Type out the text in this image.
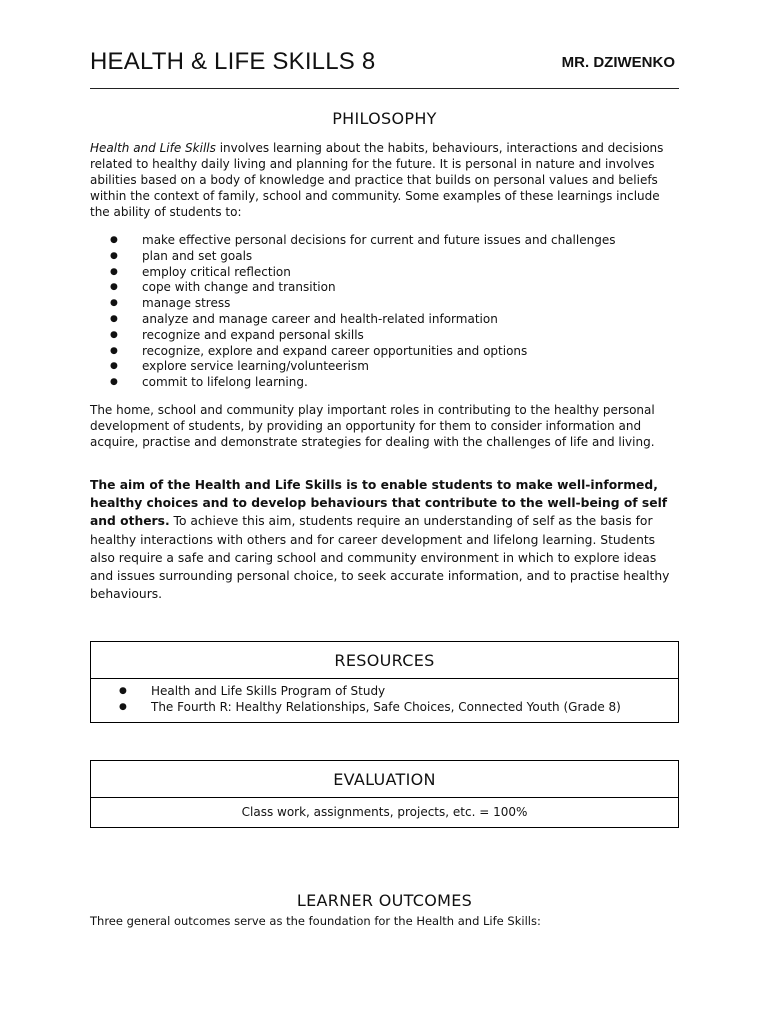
HEALTH & LIFE SKILLS 8	MR. DZIWENKO
PHILOSOPHY

Health and Life Skills involves learning about the habits, behaviours, interactions and decisions related to healthy daily living and planning for the future. It is personal in nature and involves abilities based on a body of knowledge and practice that builds on personal values and beliefs within the context of family, school and community. Some examples of these learnings include the ability of students to:

● make effective personal decisions for current and future issues and challenges
● plan and set goals
● employ critical reflection
● cope with change and transition
● manage stress
● analyze and manage career and health-related information
● recognize and expand personal skills
● recognize, explore and expand career opportunities and options
● explore service learning/volunteerism
● commit to lifelong learning.

The home, school and community play important roles in contributing to the healthy personal development of students, by providing an opportunity for them to consider information and acquire, practise and demonstrate strategies for dealing with the challenges of life and living.

The aim of the Health and Life Skills is to enable students to make well-informed, healthy choices and to develop behaviours that contribute to the well-being of self and others. To achieve this aim, students require an understanding of self as the basis for healthy interactions with others and for career development and lifelong learning. Students also require a safe and caring school and community environment in which to explore ideas and issues surrounding personal choice, to seek accurate information, and to practise healthy behaviours.

RESOURCES
● Health and Life Skills Program of Study
● The Fourth R: Healthy Relationships, Safe Choices, Connected Youth (Grade 8)
EVALUATION
Class work, assignments, projects, etc. = 100%
LEARNER OUTCOMES

Three general outcomes serve as the foundation for the Health and Life Skills:
